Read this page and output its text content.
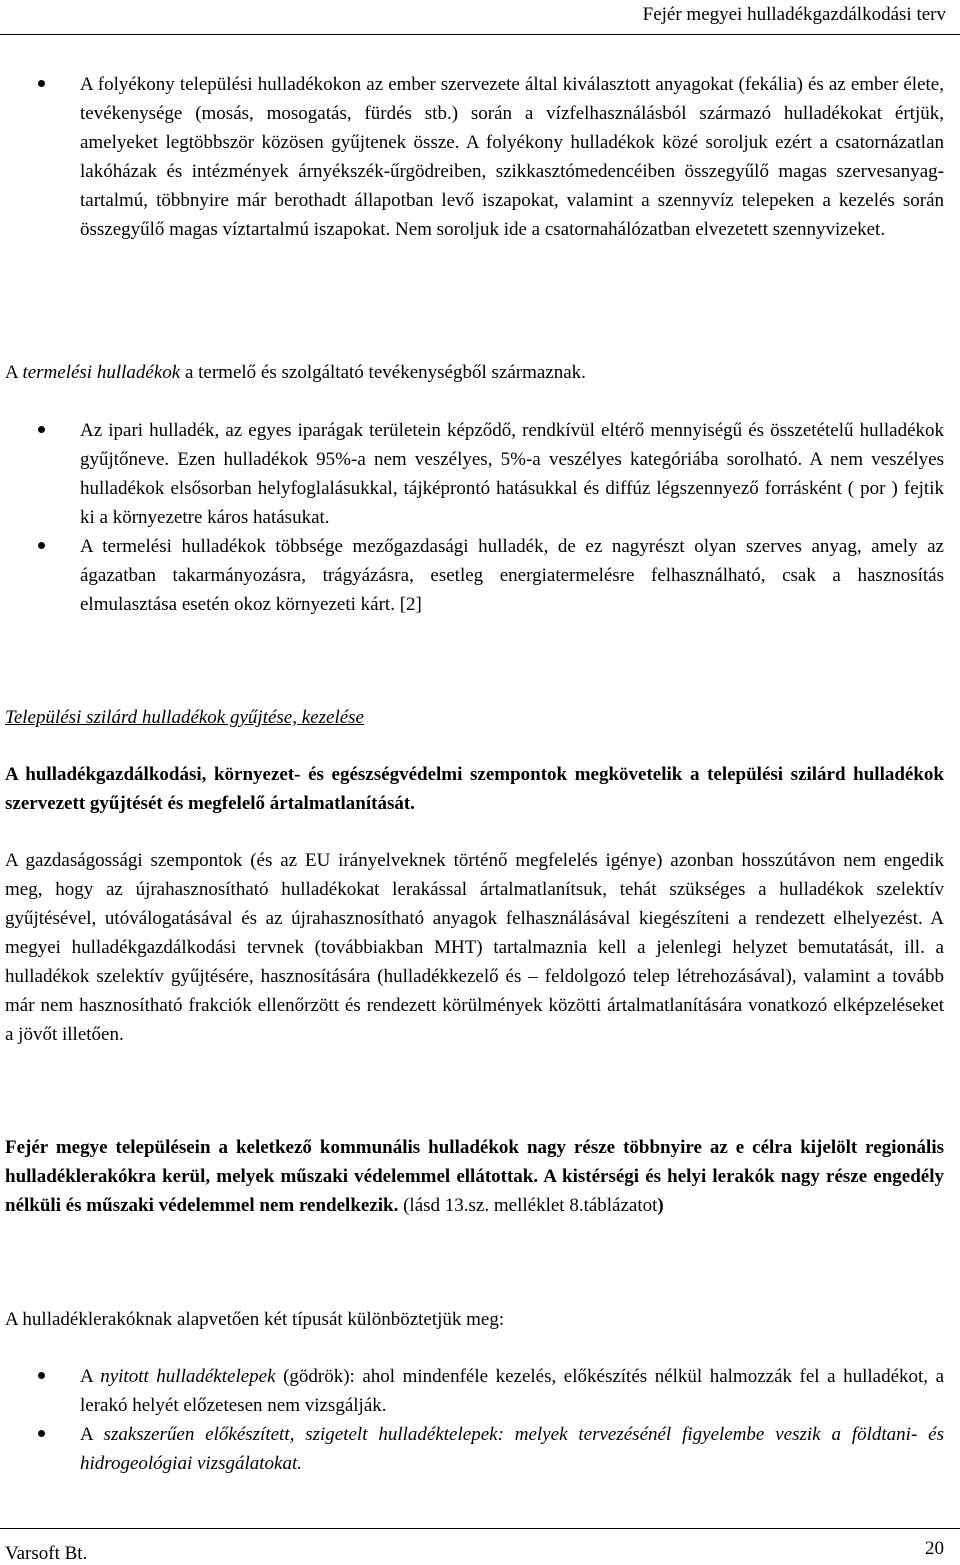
Fejér megyei hulladékgazdálkodási terv

A folyékony települési hulladékokon az ember szervezete által kiválasztott anyagokat (fekália) és az ember élete, tevékenysége (mosás, mosogatás, fürdés stb.) során a vízfelhasználásból származó hulladékokat értjük, amelyeket legtöbbször közösen gyűjtenek össze. A folyékony hulladékok közé soroljuk ezért a csatornázatlan lakóházak és intézmények árnyékszék-űrgödreiben, szikkasztómedencéiben összegyűlő magas szervesanyag-tartalmú, többnyire már berothadt állapotban levő iszapokat, valamint a szennyvíz telepeken a kezelés során összegyűlő magas víztartalmú iszapokat. Nem soroljuk ide a csatornahálózatban elvezetett szennyvizeket.

A termelési hulladékok a termelő és szolgáltató tevékenységből származnak.

Az ipari hulladék, az egyes iparágak területein képződő, rendkívül eltérő mennyiségű és összetételű hulladékok gyűjtőneve. Ezen hulladékok 95%-a nem veszélyes, 5%-a veszélyes kategóriába sorolható. A nem veszélyes hulladékok elsősorban helyfoglalásukkal, tájképrontó hatásukkal és diffúz légszennyező forrásként ( por ) fejtik ki a környezetre káros hatásukat.

A termelési hulladékok többsége mezőgazdasági hulladék, de ez nagyrészt olyan szerves anyag, amely az ágazatban takarmányozásra, trágyázásra, esetleg energiatermelésre felhasználható, csak a hasznosítás elmulasztása esetén okoz környezeti kárt. [2]

Települési szilárd hulladékok gyűjtése, kezelése

A hulladékgazdálkodási, környezet- és egészségvédelmi szempontok megkövetelik a települési szilárd hulladékok szervezett gyűjtését és megfelelő ártalmatlanítását.

A gazdaságossági szempontok (és az EU irányelveknek történő megfelelés igénye) azonban hosszútávon nem engedik meg, hogy az újrahasznosítható hulladékokat lerakással ártalmatlanítsuk, tehát szükséges a hulladékok szelektív gyűjtésével, utóválogatásával és az újrahasznosítható anyagok felhasználásával kiegészíteni a rendezett elhelyezést. A megyei hulladékgazdálkodási tervnek (továbbiakban MHT) tartalmaznia kell a jelenlegi helyzet bemutatását, ill. a hulladékok szelektív gyűjtésére, hasznosítására (hulladékkezelő és – feldolgozó telep létrehozásával), valamint a tovább már nem hasznosítható frakciók ellenőrzött és rendezett körülmények közötti ártalmatlanítására vonatkozó elképzeléseket a jövőt illetően.

Fejér megye településein a keletkező kommunális hulladékok nagy része többnyire az e célra kijelölt regionális hulladéklerakókra kerül, melyek műszaki védelemmel ellátottak. A kistérségi és helyi lerakók nagy része engedély nélküli és műszaki védelemmel nem rendelkezik. (lásd 13.sz. melléklet 8.táblázatot)

A hulladéklerakóknak alapvetően két típusát különböztetjük meg:

A nyitott hulladéktelepek (gödrök): ahol mindenféle kezelés, előkészítés nélkül halmozzák fel a hulladékot, a lerakó helyét előzetesen nem vizsgálják.

A szakszerűen előkészített, szigetelt hulladéktelepek: melyek tervezésénél figyelembe veszik a földtani- és hidrogeológiai vizsgálatokat.

Varsoft Bt.	20
